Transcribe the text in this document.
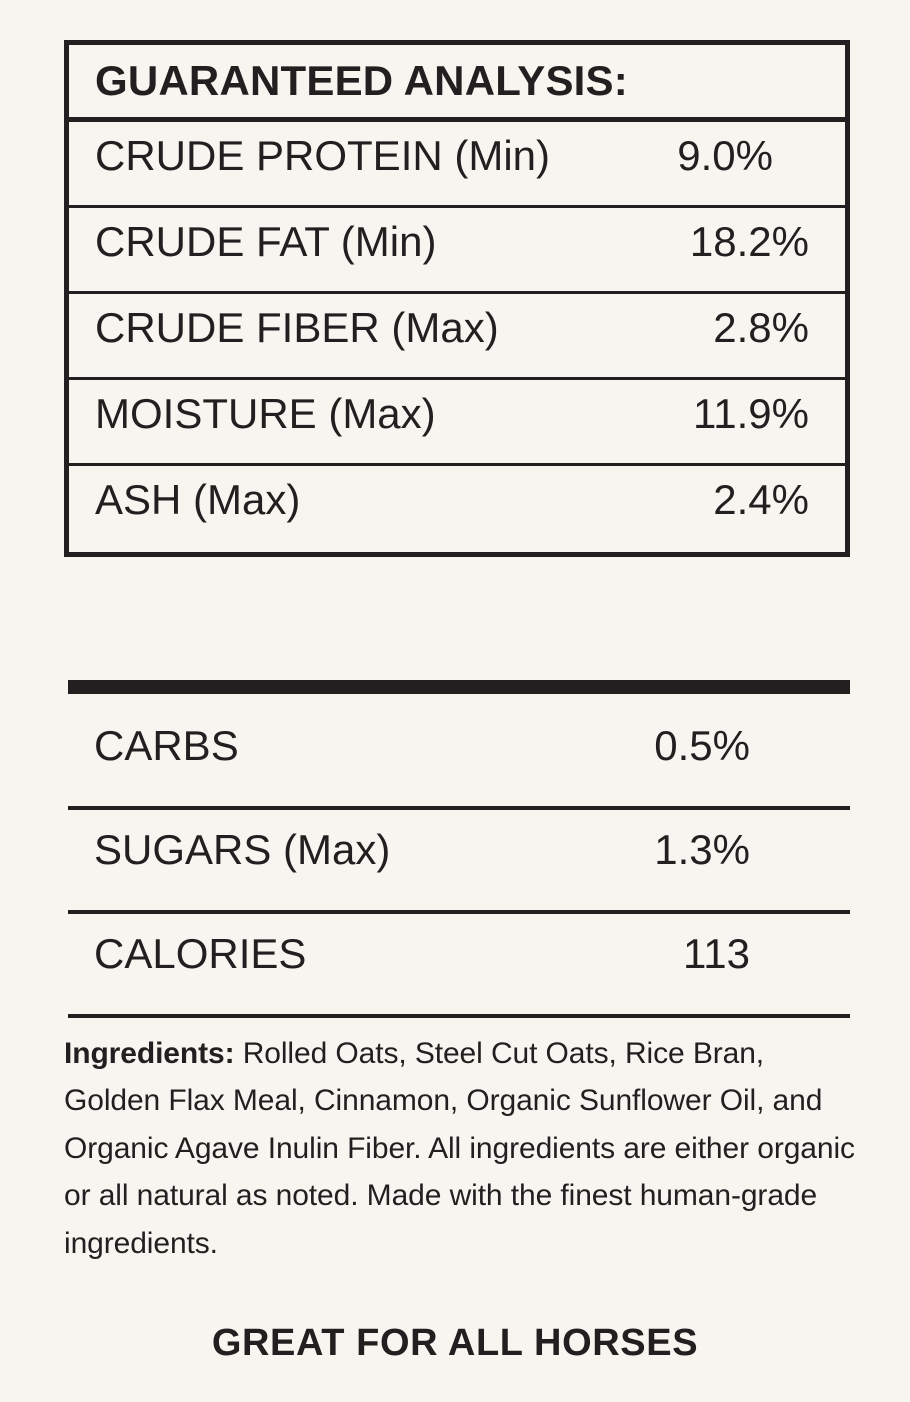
GUARANTEED ANALYSIS:
CRUDE PROTEIN (Min)	9.0%
CRUDE FAT (Min)	18.2%
CRUDE FIBER (Max)	2.8%
MOISTURE (Max)	11.9%
ASH (Max)	2.4%
CARBS	0.5%
SUGARS (Max)	1.3%
CALORIES	113
Ingredients: Rolled Oats, Steel Cut Oats, Rice Bran, Golden Flax Meal, Cinnamon, Organic Sunflower Oil, and Organic Agave Inulin Fiber. All ingredients are either organic or all natural as noted. Made with the finest human-grade ingredients.
GREAT FOR ALL HORSES
